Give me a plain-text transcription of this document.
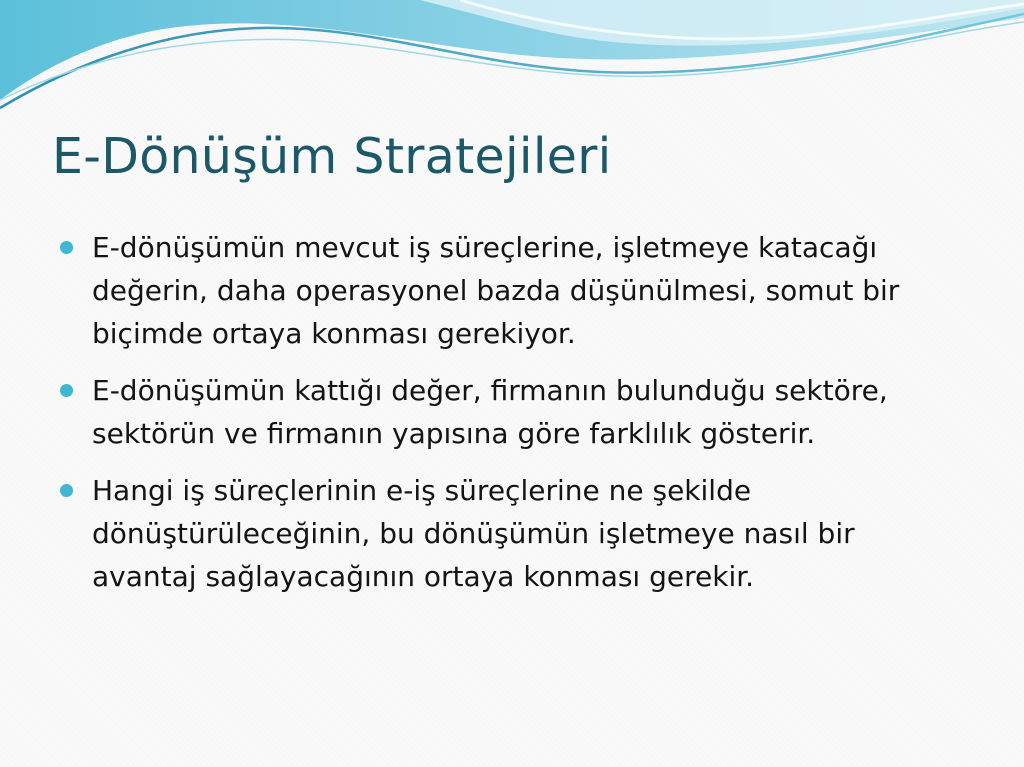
E-Dönüşüm Stratejileri
E-dönüşümün mevcut iş süreçlerine, işletmeye katacağı değerin, daha operasyonel bazda düşünülmesi, somut bir biçimde ortaya konması gerekiyor.
E-dönüşümün kattığı değer, firmanın bulunduğu sektöre, sektörün ve firmanın yapısına göre farklılık gösterir.
Hangi iş süreçlerinin e-iş süreçlerine ne şekilde dönüştürüleceğinin, bu dönüşümün işletmeye nasıl bir avantaj sağlayacağının ortaya konması gerekir.
